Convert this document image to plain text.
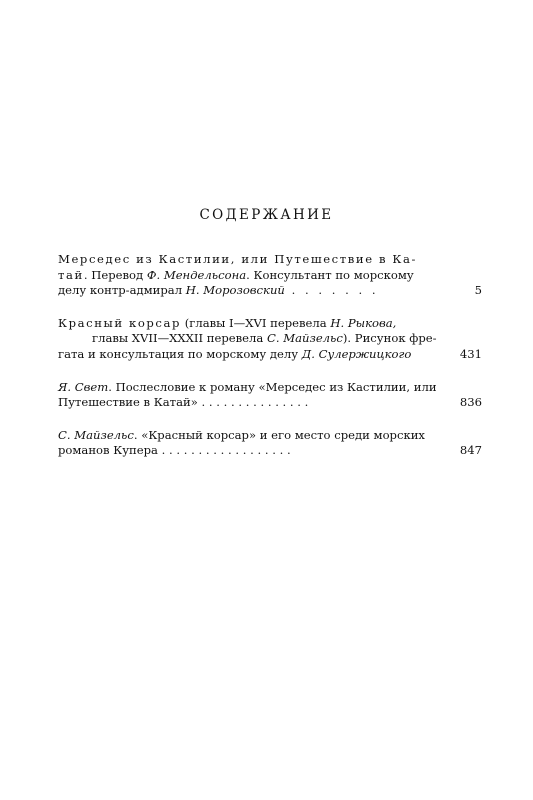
СОДЕРЖАНИЕ
Мерседес из Кастилии, или Путешествие в Ка-
тай. Перевод Ф. Мендельсона. Консультант по морскому
делу контр-адмирал Н. Морозовский . . . . . . .	5
Красный корсар (главы I—XVI перевела Н. Рыкова,
главы XVII—XXXII перевела С. Майзельс). Рисунок фре-
гата и консультация по морскому делу Д. Сулержицкого	431
Я. Свет. Послесловие к роману «Мерседес из Кастилии, или
Путешествие в Катай» . . . . . . . . . . . . . . .	836
С. Майзельс. «Красный корсар» и его место среди морских
романов Купера . . . . . . . . . . . . . . . . . .	847
